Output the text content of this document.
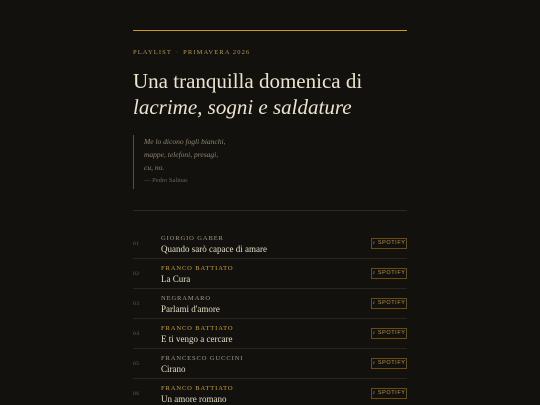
PLAYLIST · PRIMAVERA 2026
Una tranquilla domenica di
lacrime, sogni e saldature
Me lo dicono fogli bianchi,
mappe, telefoni, presagi,
cu, no.
— Pedro Salinas
01
GIORGIO GABER
Quando sarò capace di amare
♪ SPOTIFY
02
FRANCO BATTIATO
La Cura
♪ SPOTIFY
03
NEGRAMARO
Parlami d'amore
♪ SPOTIFY
04
FRANCO BATTIATO
E ti vengo a cercare
♪ SPOTIFY
05
FRANCESCO GUCCINI
Cirano
♪ SPOTIFY
06
FRANCO BATTIATO
Un amore romano
♪ SPOTIFY
